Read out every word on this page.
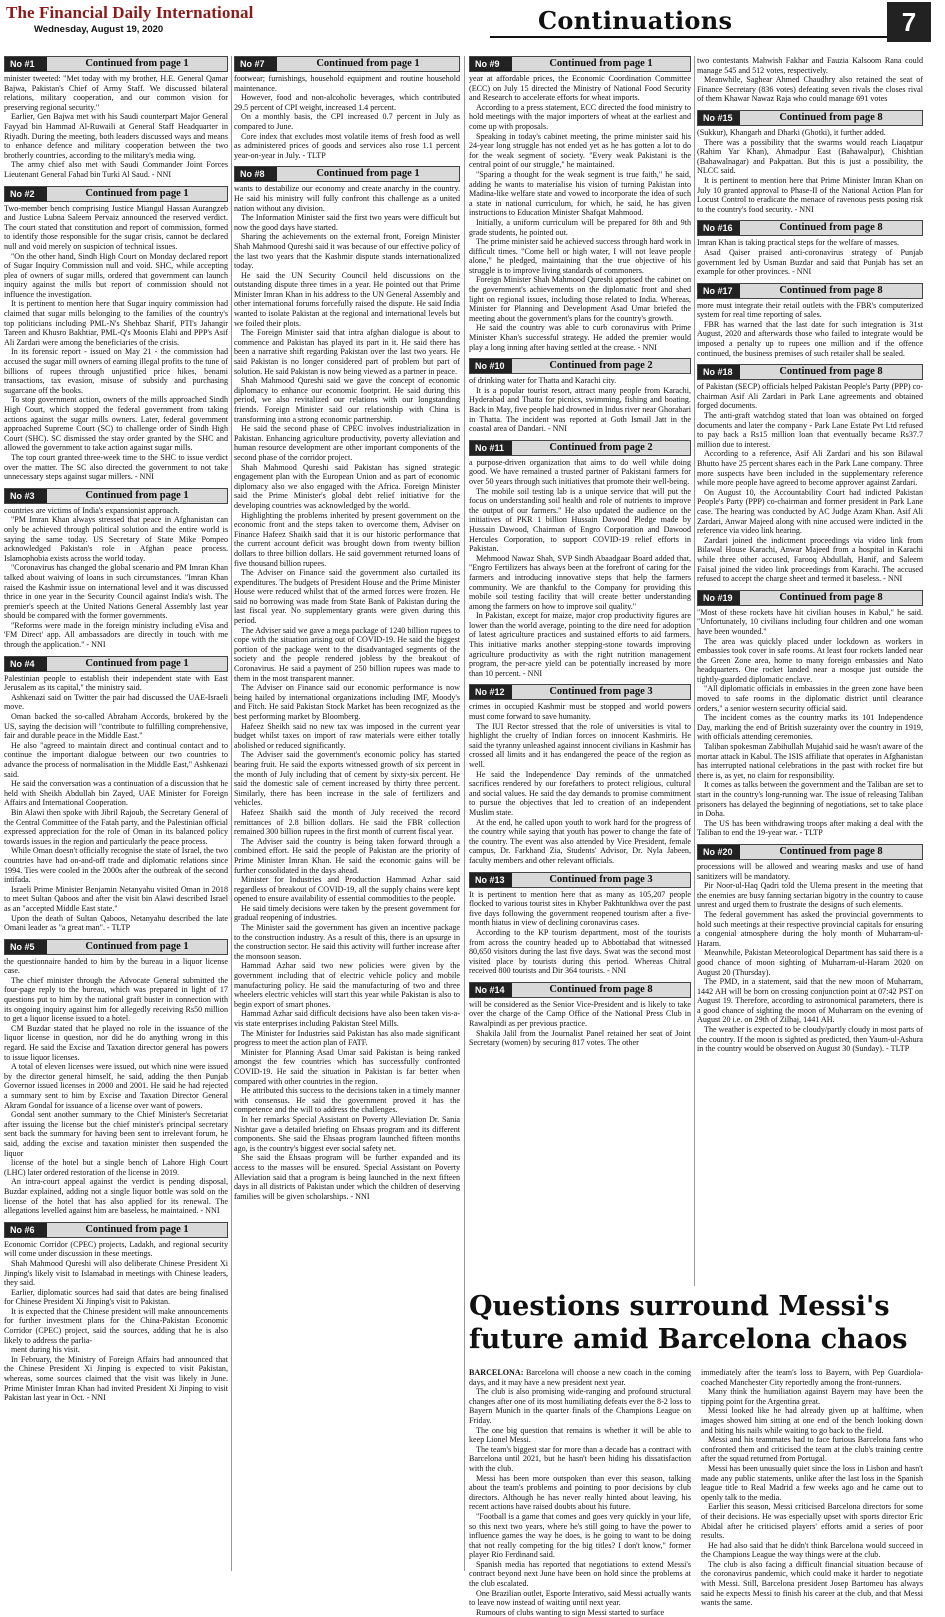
The Financial Daily International
Wednesday, August 19, 2020	Continuations	7
No #1	Continued from page 1

minister tweeted: "Met today with my brother, H.E. General Qamar Bajwa, Pakistan's Chief of Army Staff. We discussed bilateral relations, military cooperation, and our common vision for preserving regional security."

Earlier, Gen Bajwa met with his Saudi counterpart Major General Fayyad bin Hammad Al-Ruwaili at General Staff Headquarter in Riyadh. During the meeting, both leaders discussed ways and means to enhance defence and military cooperation between the two brotherly countries, according to the military's media wing.

The army chief also met with Saudi Commander Joint Forces Lieutenant General Fahad bin Turki Al Saud. - NNI

No #2	Continued from page 1

Two-member bench comprising Justice Miangul Hassan Aurangzeb and Justice Lubna Saleem Pervaiz announced the reserved verdict. The court stated that constitution and report of commission, formed to identify those responsible for the sugar crisis, cannot be declared null and void merely on suspicion of technical issues.

"On the other hand, Sindh High Court on Monday declared report of Sugar Inquiry Commission null and void. SHC, while accepting plea of owners of sugar mills, ordered that government can launch inquiry against the mills but report of commission should not influence the investigation.

It is pertinent to mention here that Sugar inquiry commission had claimed that sugar mills belonging to the families of the country's top politicians including PML-N's Shehbaz Sharif, PTI's Jahangir Tareen and Khusro Bakhtiar, PML-Q's Moonis Elahi and PPP's Asif Ali Zardari were among the beneficiaries of the crisis.

In its forensic report - issued on May 21 - the commission had accused the sugar mill owners of earning illegal profits to the tune of billions of rupees through unjustified price hikes, benami transactions, tax evasion, misuse of subsidy and purchasing sugarcane off the books.

To stop government action, owners of the mills approached Sindh High Court, which stopped the federal government from taking actions against the sugar mills owners. Later, federal government approached Supreme Court (SC) to challenge order of Sindh High Court (SHC). SC dismissed the stay order granted by the SHC and allowed the government to take action against sugar mills.

The top court granted three-week time to the SHC to issue verdict over the matter. The SC also directed the government to not take unnecessary steps against sugar millers. - NNI

No #3	Continued from page 1

countries are victims of India's expansionist approach.

"PM Imran Khan always stressed that peace in Afghanistan can only be achieved through political solution and the entire world is saying the same today. US Secretary of State Mike Pompeo acknowledged Pakistan's role in Afghan peace process. Islamophobia exists across the world today.

"Coronavirus has changed the global scenario and PM Imran Khan talked about waiving of loans in such circumstances. "Imran Khan raised the Kashmir issue on international level and it was discussed thrice in one year in the Security Council against India's wish. The premier's speech at the United Nations General Assembly last year should be compared with the former governments.

"Reforms were made in the foreign ministry including eVisa and 'FM Direct' app. All ambassadors are directly in touch with me through the application." - NNI

No #4	Continued from page 1

Palestinian people to establish their independent state with East Jerusalem as its capital," the ministry said.

Ashkenazi said on Twitter the pair had discussed the UAE-Israeli move.

Oman backed the so-called Abraham Accords, brokered by the US, saying the decision will "contribute to fulfilling comprehensive, fair and durable peace in the Middle East."

He also "agreed to maintain direct and continual contact and to continue the important dialogue between our two countries to advance the process of normalisation in the Middle East," Ashkenazi said.

He said the conversation was a continuation of a discussion that he held with Sheikh Abdullah bin Zayed, UAE Minister for Foreign Affairs and International Cooperation.

Bin Alawi then spoke with Jibril Rajoub, the Secretary General of the Central Committee of the Fatah party, and the Palestinian official expressed appreciation for the role of Oman in its balanced policy towards issues in the region and particularly the peace process.

While Oman doesn't officially recognise the state of Israel, the two countries have had on-and-off trade and diplomatic relations since 1994. Ties were cooled in the 2000s after the outbreak of the second intifada.

Israeli Prime Minister Benjamin Netanyahu visited Oman in 2018 to meet Sultan Qaboos and after the visit bin Alawi described Israel as an "accepted Middle East state."

Upon the death of Sultan Qaboos, Netanyahu described the late Omani leader as "a great man". - TLTP

No #5	Continued from page 1

the questionnaire handed to him by the bureau in a liquor license case.

The chief minister through the Advocate General submitted the four-page reply to the bureau, which was prepared in light of 17 questions put to him by the national graft buster in connection with its ongoing inquiry against him for allegedly receiving Rs50 million to get a liquor license issued to a hotel.

CM Buzdar stated that he played no role in the issuance of the liquor license in question, nor did he do anything wrong in this regard. He said the Excise and Taxation director general has powers to issue liquor licenses.

A total of eleven licenses were issued, out which nine were issued by the director general himself, he said, adding the then Punjab Governor issued licenses in 2000 and 2001. He said he had rejected a summary sent to him by Excise and Taxation Director General Akram Gondal for issuance of a license over want of powers.

Gondal sent another summary to the Chief Minister's Secretariat after issuing the license but the chief minister's principal secretary sent back the summary for having been sent to irrelevant forum, he said, adding the excise and taxation minister then suspended the liquor

license of the hotel but a single bench of Lahore High Court (LHC) later ordered restoration of the license in 2019.

An intra-court appeal against the verdict is pending disposal, Buzdar explained, adding not a single liquor bottle was sold on the license of the hotel that has also applied for its renewal. The allegations levelled against him are baseless, he maintained. - NNI

No #6	Continued from page 1

Economic Corridor (CPEC) projects, Ladakh, and regional security will come under discussion in these meetings.

Shah Mahmood Qureshi will also deliberate Chinese President Xi Jinping's likely visit to Islamabad in meetings with Chinese leaders, they said.

Earlier, diplomatic sources had said that dates are being finalised for Chinese President Xi Jinping's visit to Pakistan.

It is expected that the Chinese president will make announcements for further investment plans for the China-Pakistan Economic Corridor (CPEC) project, said the sources, adding that he is also likely to address the parlia-

ment during his visit.

In February, the Ministry of Foreign Affairs had announced that the Chinese President Xi Jinping is expected to visit Pakistan, whereas, some sources claimed that the visit was likely in June. Prime Minister Imran Khan had invited President Xi Jinping to visit Pakistan last year in Oct. - NNI

No #7	Continued from page 1

footwear; furnishings, household equipment and routine household maintenance.

However, food and non-alcoholic beverages, which contributed 29.5 percent of CPI weight, increased 1.4 percent.

On a monthly basis, the CPI increased 0.7 percent in July as compared to June.

Core index that excludes most volatile items of fresh food as well as administered prices of goods and services also rose 1.1 percent year-on-year in July. - TLTP

No #8	Continued from page 1

wants to destabilize our economy and create anarchy in the country. He said his ministry will fully confront this challenge as a united nation without any division.

The Information Minister said the first two years were difficult but now the good days have started.

Sharing the achievements on the external front, Foreign Minister Shah Mahmood Qureshi said it was because of our effective policy of the last two years that the Kashmir dispute stands internationalized today.

He said the UN Security Council held discussions on the outstanding dispute three times in a year. He pointed out that Prime Minister Imran Khan in his address to the UN General Assembly and other international forums forcefully raised the dispute. He said India wanted to isolate Pakistan at the regional and international levels but we foiled their plots.

The Foreign Minister said that intra afghan dialogue is about to commence and Pakistan has played its part in it. He said there has been a narrative shift regarding Pakistan over the last two years. He said Pakistan is no longer considered part of problem but part of solution. He said Pakistan is now being viewed as a partner in peace.

Shah Mahmood Qureshi said we gave the concept of economic diplomacy to enhance our economic footprint. He said during this period, we also revitalized our relations with our longstanding friends. Foreign Minister said our relationship with China is transforming into a strong economic partnership.

He said the second phase of CPEC involves industrialization in Pakistan. Enhancing agriculture productivity, poverty alleviation and human resource development are other important components of the second phase of the corridor project.

Shah Mahmood Qureshi said Pakistan has signed strategic engagement plan with the European Union and as part of economic diplomacy also we also engaged with the Africa. Foreign Minister said the Prime Minister's global debt relief initiative for the developing countries was acknowledged by the world.

Highlighting the problems inherited by present government on the economic front and the steps taken to overcome them, Adviser on Finance Hafeez Shaikh said that it is our historic performance that the current account deficit was brought down from twenty billion dollars to three billion dollars. He said government returned loans of five thousand billion rupees.

The Adviser on Finance said the government also curtailed its expenditures. The budgets of President House and the Prime Minister House were reduced whilst that of the armed forces were frozen. He said no borrowing was made from State Bank of Pakistan during the last fiscal year. No supplementary grants were given during this period.

The Adviser said we gave a mega package of 1240 billion rupees to cope with the situation arising out of COVID-19. He said the biggest portion of the package went to the disadvantaged segments of the society and the people rendered jobless by the breakout of Coronavirus. He said a payment of 250 billion rupees was made to them in the most transparent manner.

The Adviser on Finance said our economic performance is now being hailed by international organizations including IMF, Moody's and Fitch. He said Pakistan Stock Market has been recognized as the best performing market by Bloomberg.

Hafeez Sheikh said no new tax was imposed in the current year budget whilst taxes on import of raw materials were either totally abolished or reduced significantly.

The Adviser said the government's economic policy has started bearing fruit. He said the exports witnessed growth of six percent in the month of July including that of cement by sixty-six percent. He said the domestic sale of cement increased by thirty three percent. Similarly, there has been increase in the sale of fertilizers and vehicles.

Hafeez Shaikh said the month of July received the record remittances of 2.8 billion dollars. He said the FBR collection remained 300 billion rupees in the first month of current fiscal year.

The Adviser said the country is being taken forward through a combined effort. He said the people of Pakistan are the priority of Prime Minister Imran Khan. He said the economic gains will be further consolidated in the days ahead.

Minister for Industries and Production Hammad Azhar said regardless of breakout of COVID-19, all the supply chains were kept opened to ensure availability of essential commodities to the people.

He said timely decisions were taken by the present government for gradual reopening of industries.

The Minister said the government has given an incentive package to the construction industry. As a result of this, there is an upsurge in the construction sector. He said this activity will further increase after the monsoon season.

Hammad Azhar said two new policies were given by the government including that of electric vehicle policy and mobile manufacturing policy. He said the manufacturing of two and three wheelers electric vehicles will start this year while Pakistan is also to begin export of smart phones.

Hammad Azhar said difficult decisions have also been taken vis-a-vis state enterprises including Pakistan Steel Mills.

The Minister for Industries said Pakistan has also made significant progress to meet the action plan of FATF.

Minister for Planning Asad Umar said Pakistan is being ranked amongst the few countries which has successfully confronted COVID-19. He said the situation in Pakistan is far better when compared with other countries in the region.

He attributed this success to the decisions taken in a timely manner with consensus. He said the government proved it has the competence and the will to address the challenges.

In her remarks Special Assistant on Poverty Alleviation Dr. Sania Nishtar gave a detailed briefing on Ehsaas program and its different components. She said the Ehsaas program launched fifteen months ago, is the country's biggest ever social safety net.

She said the Ehsaas program will be further expanded and its access to the masses will be ensured. Special Assistant on Poverty Alleviation said that a program is being launched in the next fifteen days in all districts of Pakistan under which the children of deserving families will be given scholarships. - NNI

No #9	Continued from page 1

year at affordable prices, the Economic Coordination Committee (ECC) on July 15 directed the Ministry of National Food Security and Research to accelerate efforts for wheat imports.

According to a press statement, ECC directed the food ministry to hold meetings with the major importers of wheat at the earliest and come up with proposals.

Speaking in today's cabinet meeting, the prime minister said his 24-year long struggle has not ended yet as he has gotten a lot to do for the weak segment of society. "Every weak Pakistani is the central point of our struggle," he maintained.

"Sparing a thought for the weak segment is true faith," he said, adding he wants to materialise his vision of turning Pakistan into Madina-like welfare state and vowed to incorporate the idea of such a state in national curriculum, for which, he said, he has given instructions to Education Minister Shafqat Mahmood.

Initially, a uniform curriculum will be prepared for 8th and 9th grade students, he pointed out.

The prime minister said he achieved success through hard work in difficult times. "Come hell or high water, I will not leave people alone," he pledged, maintaining that the true objective of his struggle is to improve living standards of commoners.

Foreign Minister Shah Mahmood Qureshi apprised the cabinet on the government's achievements on the diplomatic front and shed light on regional issues, including those related to India. Whereas, Minister for Planning and Development Asad Umar briefed the meeting about the government's plans for the country's growth.

He said the country was able to curb coronavirus with Prime Minister Khan's successful strategy. He added the premier would play a long inning after having settled at the crease. - NNI

No #10	Continued from page 2

of drinking water for Thatta and Karachi city.

It is a popular tourist resort, attract many people from Karachi, Hyderabad and Thatta for picnics, swimming, fishing and boating. Back in May, five people had drowned in Indus river near Ghorabari in Thatta. The incident was reported at Goth Ismail Jatt in the coastal area of Dandari. - NNI

No #11	Continued from page 2

a purpose-driven organization that aims to do well while doing good. We have remained a trusted partner of Pakistani farmers for over 50 years through such initiatives that promote their well-being.

The mobile soil testing lab is a unique service that will put the focus on understanding soil health and role of nutrients to improve the output of our farmers." He also updated the audience on the initiatives of PKR 1 billion Hussain Dawood Pledge made by Hussain Dawood, Chairman of Engro Corporation and Dawood Hercules Corporation, to support COVID-19 relief efforts in Pakistan.

Mehmood Nawaz Shah, SVP Sindh Abaadgaar Board added that, "Engro Fertilizers has always been at the forefront of caring for the farmers and introducing innovative steps that help the farmers community. We are thankful to the Company for providing this mobile soil testing facility that will create better understanding among the farmers on how to improve soil quality."

In Pakistan, except for maize, major crop productivity figures are lower than the world average, pointing to the dire need for adoption of latest agriculture practices and sustained efforts to aid farmers. This initiative marks another stepping-stone towards improving agriculture productivity as with the right nutrition management program, the per-acre yield can be potentially increased by more than 10 percent. - NNI

No #12	Continued from page 3

crimes in occupied Kashmir must be stopped and world powers must come forward to save humanity.

The IUI Rector stressed that the role of universities is vital to highlight the cruelty of Indian forces on innocent Kashmiris. He said the tyranny unleashed against innocent civilians in Kashmir has crossed all limits and it has endangered the peace of the region as well.

He said the Independence Day reminds of the unmatched sacrifices rendered by our forefathers to protect religious, cultural and social values. He said the day demands to promise commitment to pursue the objectives that led to creation of an independent Muslim state.

At the end, he called upon youth to work hard for the progress of the country while saying that youth has power to change the fate of the country. The event was also attended by Vice President, female campus, Dr. Farkhand Zia, Students' Advisor, Dr. Nyla Jabeen, faculty members and other relevant officials.

No #13	Continued from page 3

It is pertinent to mention here that as many as 105,207 people flocked to various tourist sites in Khyber Pakhtunkhwa over the past five days following the government reopened tourism after a five-month hiatus in view of declining coronavirus cases.

According to the KP tourism department, most of the tourists from across the country headed up to Abbottabad that witnessed 80,650 visitors during the last five days. Swat was the second most visited place by tourists during this period. Whereas Chitral received 800 tourists and Dir 364 tourists. - NNI

No #14	Continued from page 8

will be considered as the Senior Vice-President and is likely to take over the charge of the Camp Office of the National Press Club in Rawalpindi as per previous practice.

Shakila Jalil from the Journalist Panel retained her seat of Joint Secretary (women) by securing 817 votes. The other

two contestants Mahwish Fakhar and Fauzia Kalsoom Rana could manage 545 and 512 votes, respectively.

Meanwhile, Saghear Ahmed Chaudhry also retained the seat of Finance Secretary (836 votes) defeating seven rivals the closes rival of them Khawar Nawaz Raja who could manage 691 votes

No #15	Continued from page 8

(Sukkur), Khangarh and Dharki (Ghotki), it further added.

There was a possibility that the swarms would reach Liaqatpur (Rahim Yar Khan), Ahmadpur East (Bahawalpur), Chishtian (Bahawalnagar) and Pakpattan. But this is just a possibility, the NLCC said.

It is pertinent to mention here that Prime Minister Imran Khan on July 10 granted approval to Phase-II of the National Action Plan for Locust Control to eradicate the menace of ravenous pests posing risk to the country's food security. - NNI

No #16	Continued from page 8

Imran Khan is taking practical steps for the welfare of masses.

Asad Qaiser praised anti-coronavirus strategy of Punjab government led by Usman Buzdar and said that Punjab has set an example for other provinces. - NNI

No #17	Continued from page 8

more must integrate their retail outlets with the FBR's computerized system for real time reporting of sales.

FBR has warned that the last date for such integration is 31st August, 2020 and afterwards those who failed to integrate would be imposed a penalty up to rupees one million and if the offence continued, the business premises of such retailer shall be sealed.

No #18	Continued from page 8

of Pakistan (SECP) officials helped Pakistan People's Party (PPP) co-chairman Asif Ali Zardari in Park Lane agreements and obtained forged documents.

The anti-graft watchdog stated that loan was obtained on forged documents and later the company - Park Lane Estate Pvt Ltd refused to pay back a Rs15 million loan that eventually became Rs37.7 million due to interest.

According to a reference, Asif Ali Zardari and his son Bilawal Bhutto have 25 percent shares each in the Park Lane company. Three more suspects have been included in the supplementary reference while more people have agreed to become approver against Zardari.

On August 10, the Accountability Court had indicted Pakistan People's Party (PPP) co-chairman and former president in Park Lane case. The hearing was conducted by AC Judge Azam Khan. Asif Ali Zardari, Anwar Majeed along with nine accused were indicted in the reference via video link hearing.

Zardari joined the indictment proceedings via video link from Bilawal House Karachi, Anwar Majeed from a hospital in Karachi while three other accused, Farooq Abdullah, Hanif, and Saleem Faisal joined the video link proceedings from Karachi. The accused refused to accept the charge sheet and termed it baseless. - NNI

No #19	Continued from page 8

"Most of these rockets have hit civilian houses in Kabul," he said. "Unfortunately, 10 civilians including four children and one woman have been wounded."

The area was quickly placed under lockdown as workers in embassies took cover in safe rooms. At least four rockets landed near the Green Zone area, home to many foreign embassies and Nato headquarters. One rocket landed near a mosque just outside the tightly-guarded diplomatic enclave.

"All diplomatic officials in embassies in the green zone have been moved to safe rooms in the diplomatic district until clearance orders," a senior western security official said.

The incident comes as the country marks its 101 Independence Day, marking the end of British suzerainty over the country in 1919, with officials attending ceremonies.

Taliban spokesman Zabihullah Mujahid said he wasn't aware of the mortar attack in Kabul. The ISIS affiliate that operates in Afghanistan has interrupted national celebrations in the past with rocket fire but there is, as yet, no claim for responsibility.

It comes as talks between the government and the Taliban are set to start in the country's long-running war. The issue of releasing Taliban prisoners has delayed the beginning of negotiations, set to take place in Doha.

The US has been withdrawing troops after making a deal with the Taliban to end the 19-year war. - TLTP

No #20	Continued from page 8

processions will be allowed and wearing masks and use of hand sanitizers will be mandatory.

Pir Noor-ul-Haq Qadri told the Ulema present in the meeting that the enemies are busy fanning sectarian bigotry in the country to cause unrest and urged them to frustrate the designs of such elements.

The federal government has asked the provincial governments to hold such meetings at their respective provincial capitals for ensuring a congenial atmosphere during the holy month of Muharram-ul-Haram.

Meanwhile, Pakistan Meteorological Department has said there is a good chance of moon sighting of Muharram-ul-Haram 2020 on August 20 (Thursday).

The PMD, in a statement, said that the new moon of Muharram, 1442 AH will be born on crossing conjunction point at 07:42 PST on August 19. Therefore, according to astronomical parameters, there is a good chance of sighting the moon of Muharram on the evening of August 20 i.e. on 29th of Zilhaj, 1441 AH.

The weather is expected to be cloudy/partly cloudy in most parts of the country. If the moon is sighted as predicted, then Yaum-ul-Ashura in the country would be observed on August 30 (Sunday). - TLTP

Questions surround Messi's future amid Barcelona chaos

BARCELONA: Barcelona will choose a new coach in the coming days, and it may have a new president next year.

The club is also promising wide-ranging and profound structural changes after one of its most humiliating defeats ever the 8-2 loss to Bayern Munich in the quarter finals of the Champions League on Friday.

The one big question that remains is whether it will be able to keep Lionel Messi.

The team's biggest star for more than a decade has a contract with Barcelona until 2021, but he hasn't been hiding his dissatisfaction with the club.

Messi has been more outspoken than ever this season, talking about the team's problems and pointing to poor decisions by club directors. Although he has never really hinted about leaving, his recent actions have raised doubts about his future.

"Football is a game that comes and goes very quickly in your life, so this next two years, where he's still going to have the power to influence games the way he does, is he going to want to be doing that not really competing for the big titles? I don't know," former player Rio Ferdinand said.

Spanish media has reported that negotiations to extend Messi's contract beyond next June have been on hold since the problems at the club escalated.

One Brazilian outlet, Esporte Interativo, said Messi actually wants to leave now instead of waiting until next year.

Rumours of clubs wanting to sign Messi started to surface

immediately after the team's loss to Bayern, with Pep Guardiola-coached Manchester City reportedly among the front-runners.

Many think the humiliation against Bayern may have been the tipping point for the Argentina great.

Messi looked like he had already given up at halftime, when images showed him sitting at one end of the bench looking down and biting his nails while waiting to go back to the field.

Messi and his teammates had to face furious Barcelona fans who confronted them and criticised the team at the club's training centre after the squad returned from Portugal.

Messi has been unusually quiet since the loss in Lisbon and hasn't made any public statements, unlike after the last loss in the Spanish league title to Real Madrid a few weeks ago and he came out to openly talk to the media.

Earlier this season, Messi criticised Barcelona directors for some of their decisions. He was especially upset with sports director Eric Abidal after he criticised players' efforts amid a series of poor results.

He had also said that he didn't think Barcelona would succeed in the Champions League the way things were at the club.

The club is also facing a difficult financial situation because of the coronavirus pandemic, which could make it harder to negotiate with Messi. Still, Barcelona president Josep Bartomeu has always said he expects Messi to finish his career at the club, and that Messi wants the same.
